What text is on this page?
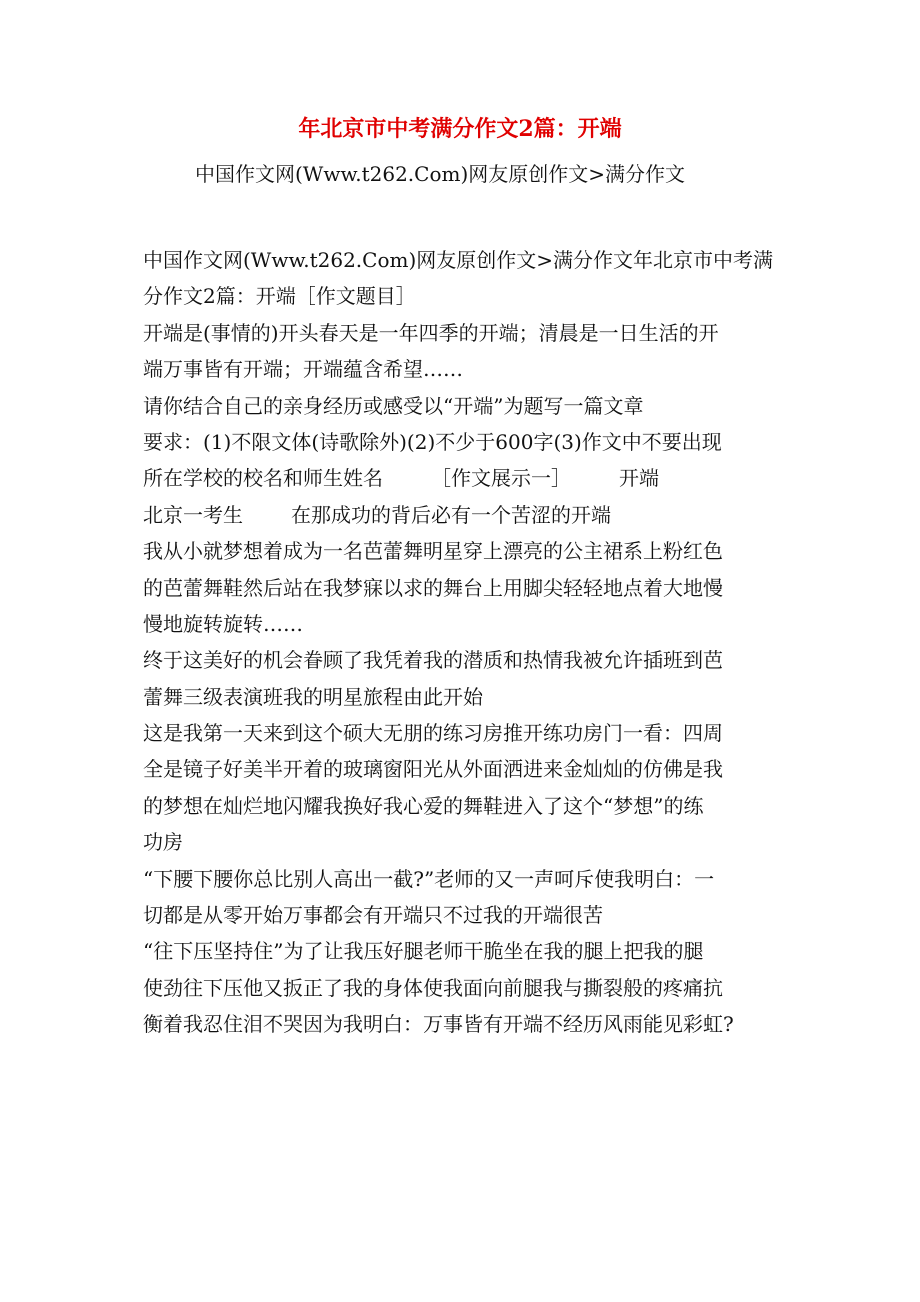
年北京市中考满分作文2篇：开端
中国作文网(Www.t262.Com)网友原创作文>满分作文
中国作文网(Www.t262.Com)网友原创作文>满分作文年北京市中考满
分作文2篇：开端［作文题目］
开端是(事情的)开头春天是一年四季的开端；清晨是一日生活的开
端万事皆有开端；开端蕴含希望……
请你结合自己的亲身经历或感受以“开端”为题写一篇文章
要求：(1)不限文体(诗歌除外)(2)不少于600字(3)作文中不要出现
所在学校的校名和师生姓名 ［作文展示一］ 开端
北京一考生 在那成功的背后必有一个苦涩的开端
我从小就梦想着成为一名芭蕾舞明星穿上漂亮的公主裙系上粉红色
的芭蕾舞鞋然后站在我梦寐以求的舞台上用脚尖轻轻地点着大地慢
慢地旋转旋转……
终于这美好的机会眷顾了我凭着我的潜质和热情我被允许插班到芭
蕾舞三级表演班我的明星旅程由此开始
这是我第一天来到这个硕大无朋的练习房推开练功房门一看：四周
全是镜子好美半开着的玻璃窗阳光从外面洒进来金灿灿的仿佛是我
的梦想在灿烂地闪耀我换好我心爱的舞鞋进入了这个“梦想”的练
功房
“下腰下腰你总比别人高出一截?”老师的又一声呵斥使我明白：一
切都是从零开始万事都会有开端只不过我的开端很苦
“往下压坚持住”为了让我压好腿老师干脆坐在我的腿上把我的腿
使劲往下压他又扳正了我的身体使我面向前腿我与撕裂般的疼痛抗
衡着我忍住泪不哭因为我明白：万事皆有开端不经历风雨能见彩虹?
